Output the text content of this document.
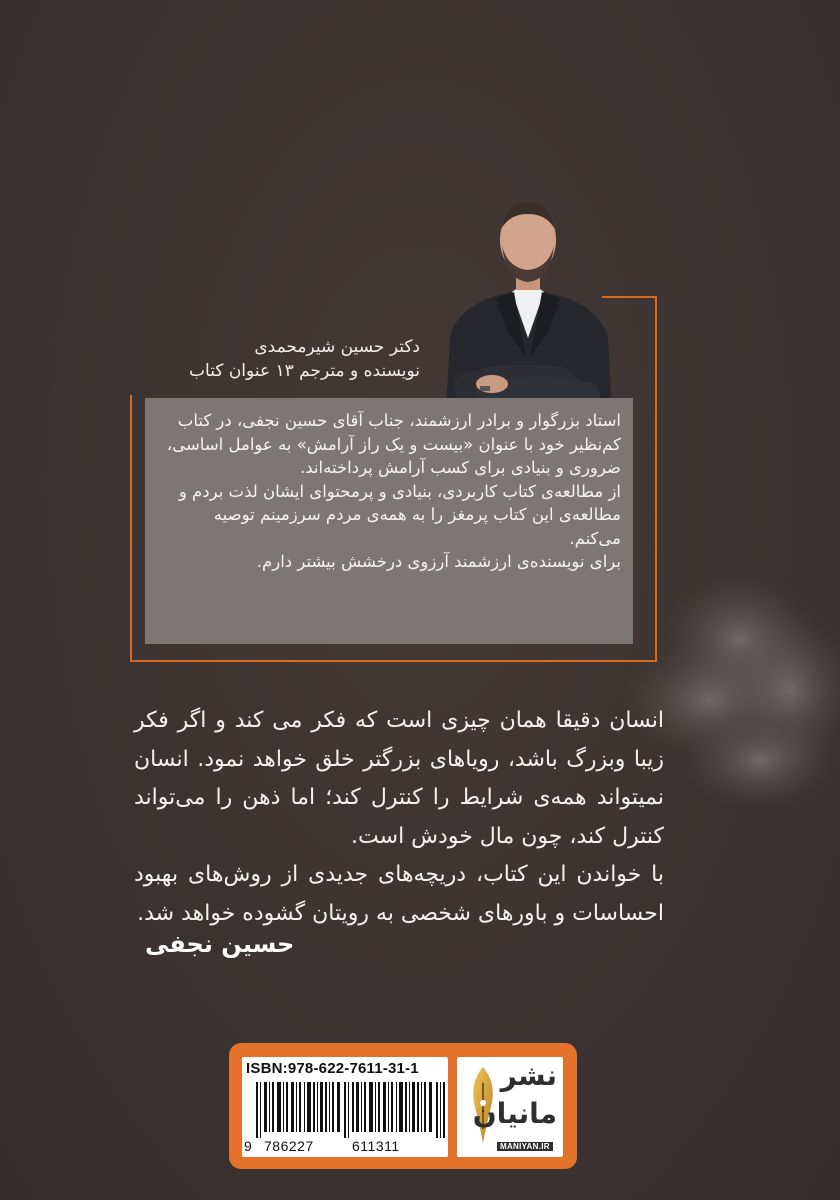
دکتر حسین شیرمحمدی
نویسنده و مترجم ۱۳ عنوان کتاب

استاد بزرگوار و برادر ارزشمند، جناب آقای حسین نجفی، در کتاب کم‌نظیر خود با عنوان «بیست و یک راز آرامش» به عوامل اساسی، ضروری و بنیادی برای کسب آرامش پرداخته‌اند.

از مطالعه‌ی کتاب کاربردی، بنیادی و پرمحتوای ایشان لذت بردم و مطالعه‌ی این کتاب پرمغز را به همه‌ی مردم سرزمینم توصیه می‌کنم.

برای نویسنده‌ی ارزشمند آرزوی درخشش بیشتر دارم.

انسان دقیقا همان چیزی است که فکر می کند و اگر فکر زیبا وبزرگ باشد، رویاهای بزرگتر خلق خواهد نمود. انسان نمیتواند همه‌ی شرایط را کنترل کند؛ اما ذهن را می‌تواند کنترل کند، چون مال خودش است.

با خواندن این کتاب، دریچه‌های جدیدی از روش‌های بهبود احساسات و باورهای شخصی به رویتان گشوده خواهد شد.

حسین نجفی
ISBN:978-622-7611-31-1
9 786227	611311
نشر
مانیان
MANIYAN.IR
